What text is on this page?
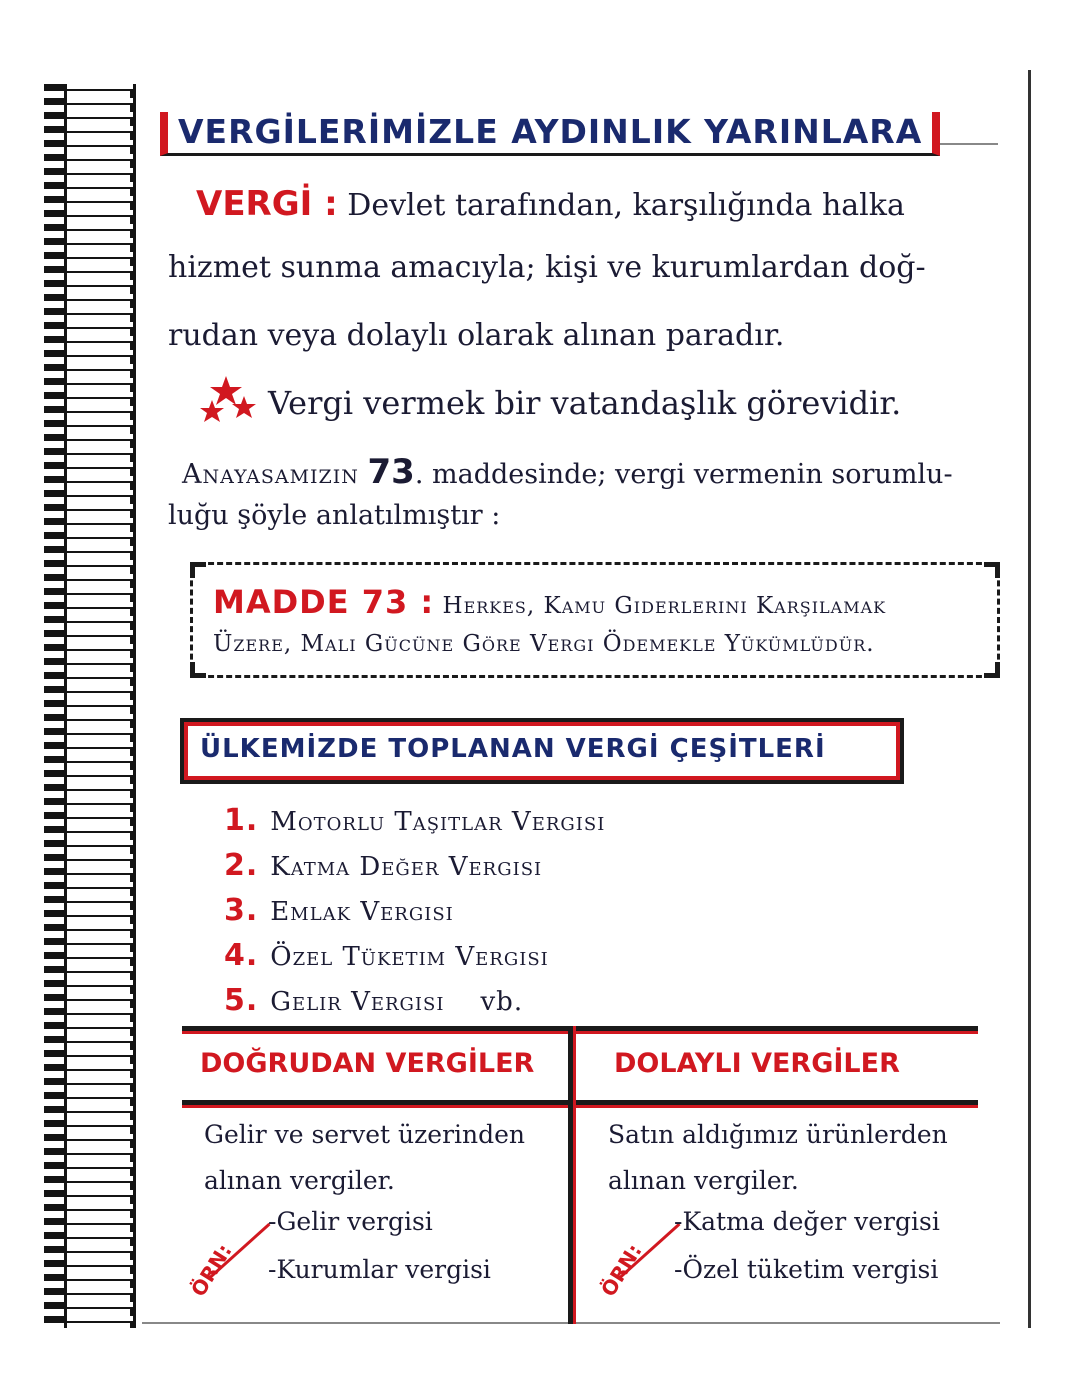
VERGİLERİMİZLE AYDINLIK YARINLARA
VERGİ : Devlet tarafından, karşılığında halka
hizmet sunma amacıyla; kişi ve kurumlardan doğ-
rudan veya dolaylı olarak alınan paradır.
Vergi vermek bir vatandaşlık görevidir.
Anayasamızın 73. maddesinde; vergi vermenin sorumlu-
luğu şöyle anlatılmıştır :
MADDE 73 : Herkes, Kamu Giderlerini Karşılamak
Üzere, Mali Gücüne Göre Vergi Ödemekle Yükümlüdür.
ÜLKEMİZDE TOPLANAN VERGİ ÇEŞİTLERİ
1. Motorlu Taşıtlar Vergisi
2. Katma Değer Vergisi
3. Emlak Vergisi
4. Özel Tüketim Vergisi
5. Gelir Vergisi vb.
DOĞRUDAN VERGİLER	DOLAYLI VERGİLER
Gelir ve servet üzerinden
alınan vergiler.
ÖRN:
-Gelir vergisi
-Kurumlar vergisi
Satın aldığımız ürünlerden
alınan vergiler.
ÖRN:
-Katma değer vergisi
-Özel tüketim vergisi
